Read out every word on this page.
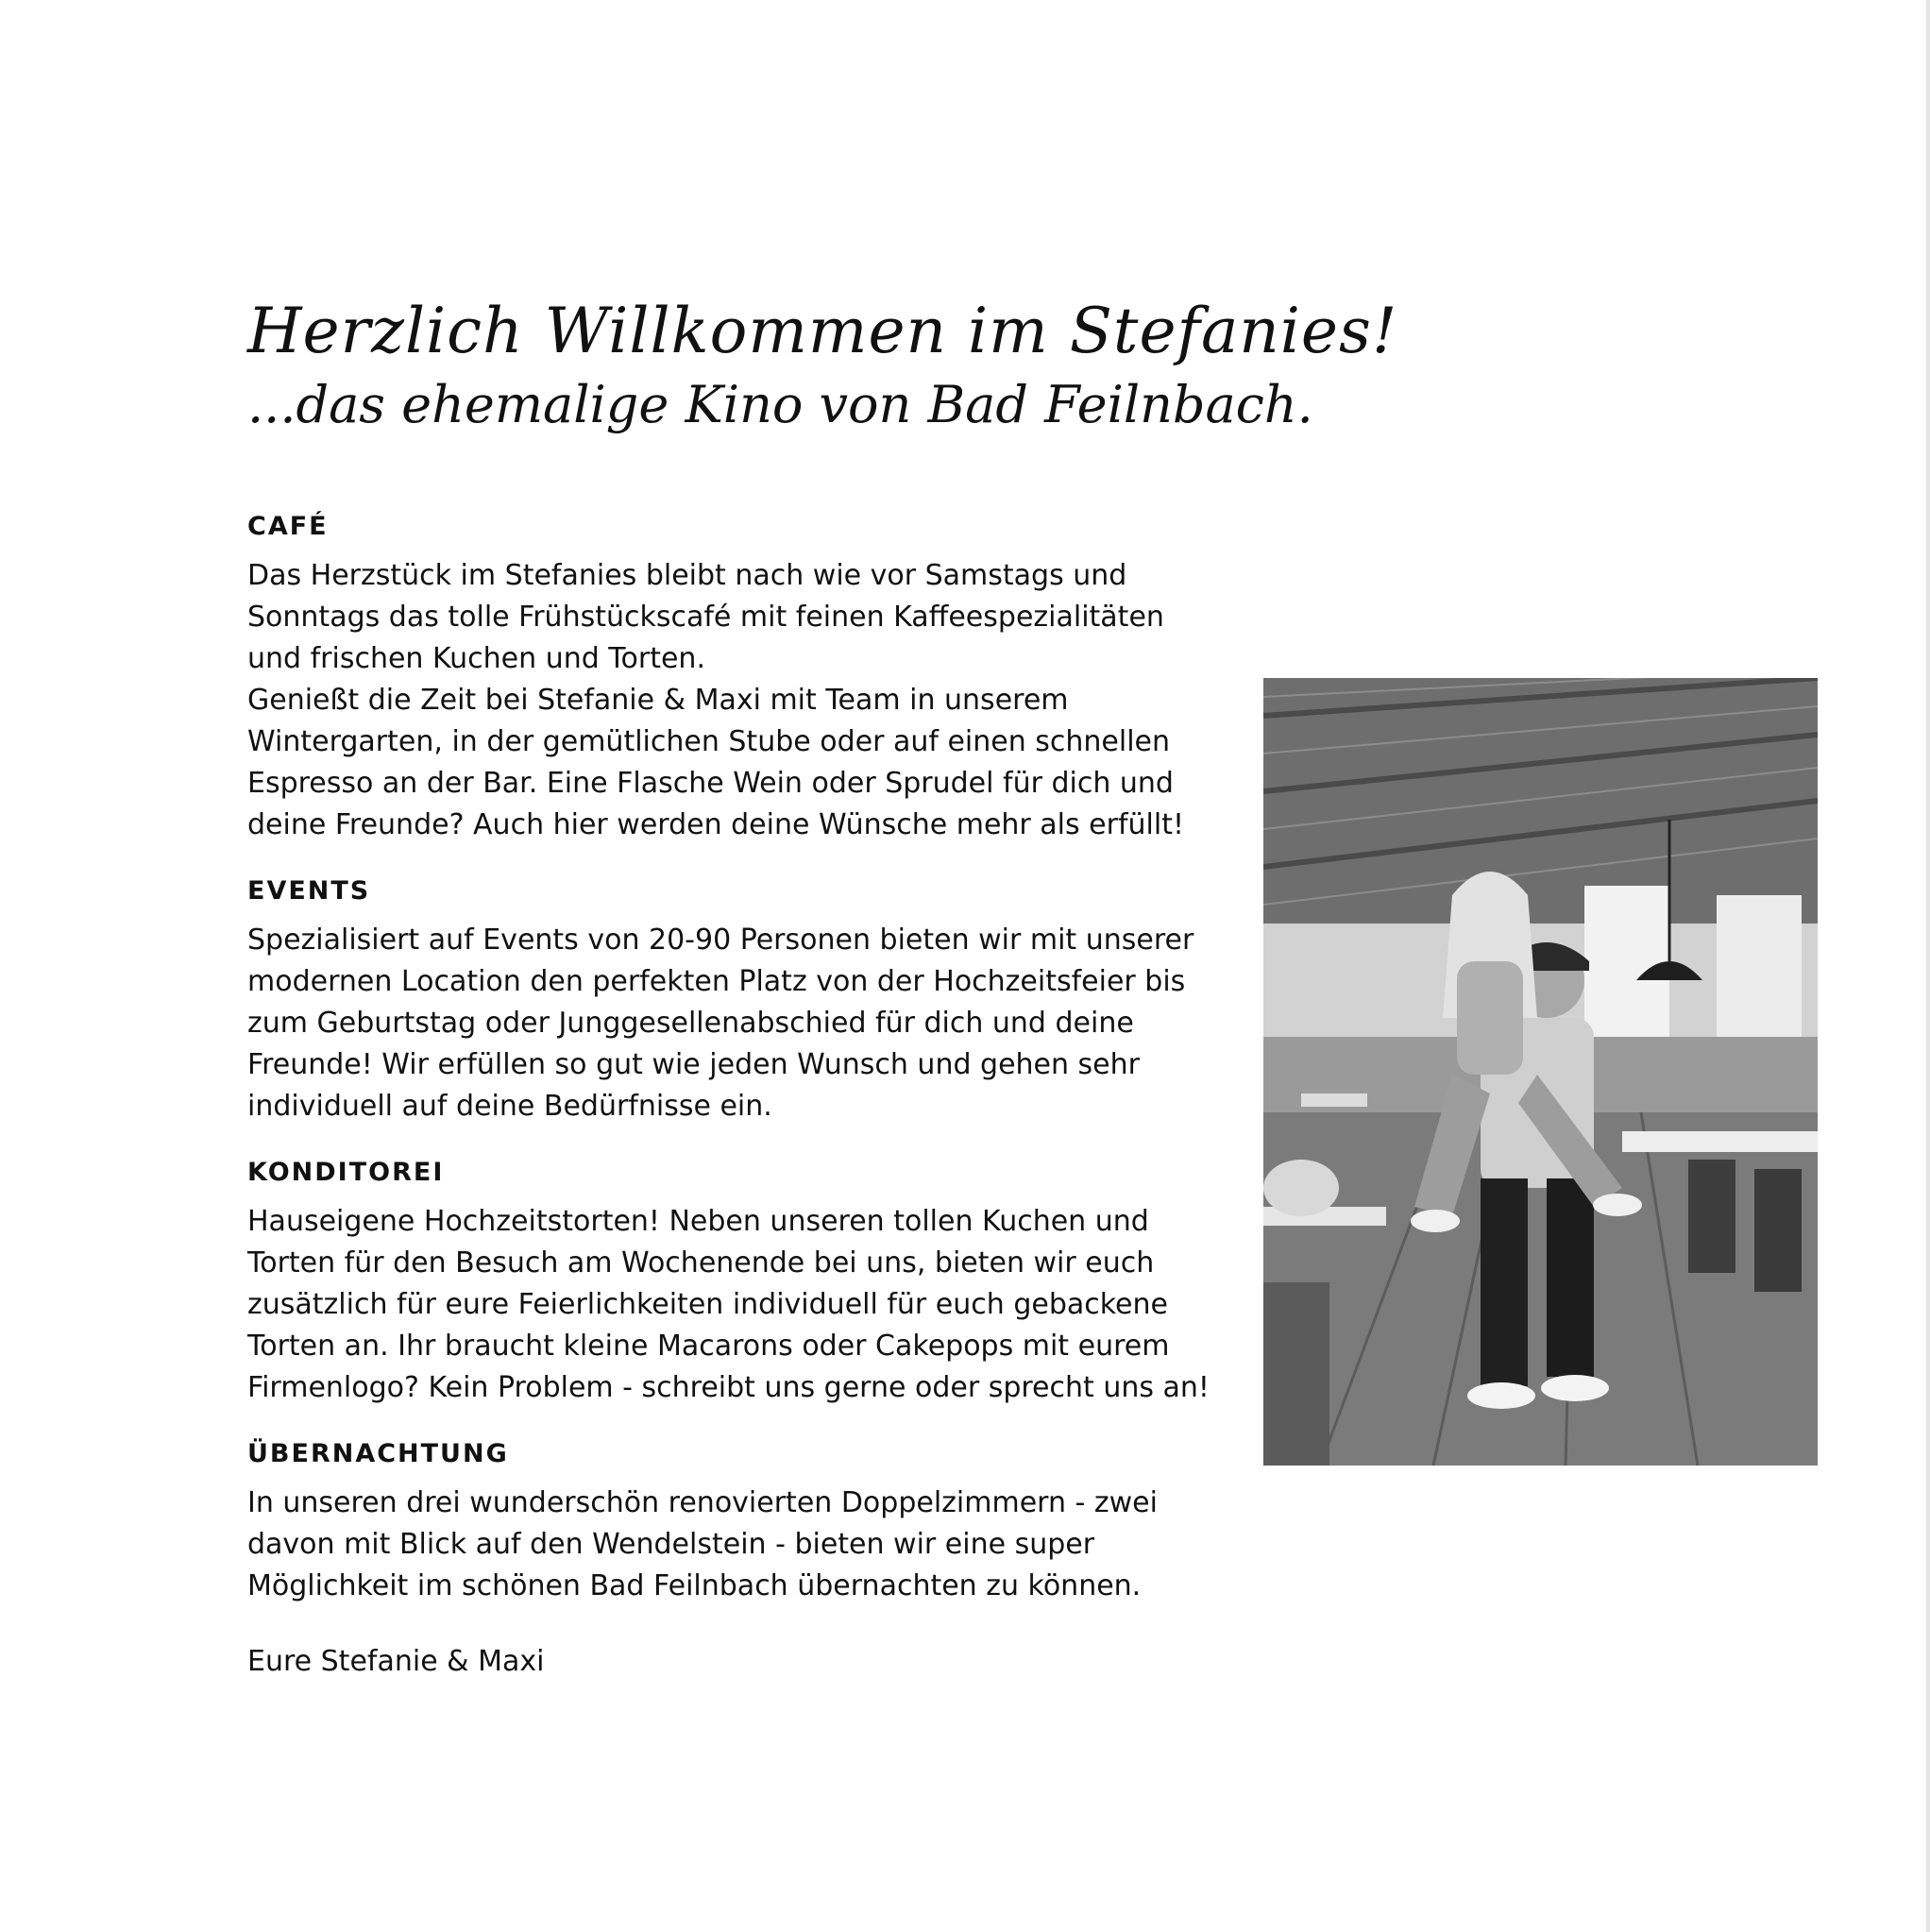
Herzlich Willkommen im Stefanies!
...das ehemalige Kino von Bad Feilnbach.
CAFÉ

Das Herzstück im Stefanies bleibt nach wie vor Samstags und Sonntags das tolle Frühstückscafé mit feinen Kaffeespezialitäten und frischen Kuchen und Torten.

Genießt die Zeit bei Stefanie & Maxi mit Team in unserem Wintergarten, in der gemütlichen Stube oder auf einen schnellen Espresso an der Bar. Eine Flasche Wein oder Sprudel für dich und deine Freunde? Auch hier werden deine Wünsche mehr als erfüllt!

EVENTS

Spezialisiert auf Events von 20-90 Personen bieten wir mit unserer modernen Location den perfekten Platz von der Hochzeitsfeier bis zum Geburtstag oder Junggesellenabschied für dich und deine Freunde! Wir erfüllen so gut wie jeden Wunsch und gehen sehr individuell auf deine Bedürfnisse ein.

KONDITOREI

Hauseigene Hochzeitstorten! Neben unseren tollen Kuchen und Torten für den Besuch am Wochenende bei uns, bieten wir euch zusätzlich für eure Feierlichkeiten individuell für euch gebackene Torten an. Ihr braucht kleine Macarons oder Cakepops mit eurem Firmenlogo? Kein Problem - schreibt uns gerne oder sprecht uns an!

ÜBERNACHTUNG

In unseren drei wunderschön renovierten Doppelzimmern - zwei davon mit Blick auf den Wendelstein - bieten wir eine super Möglichkeit im schönen Bad Feilnbach übernachten zu können.

Eure Stefanie & Maxi
